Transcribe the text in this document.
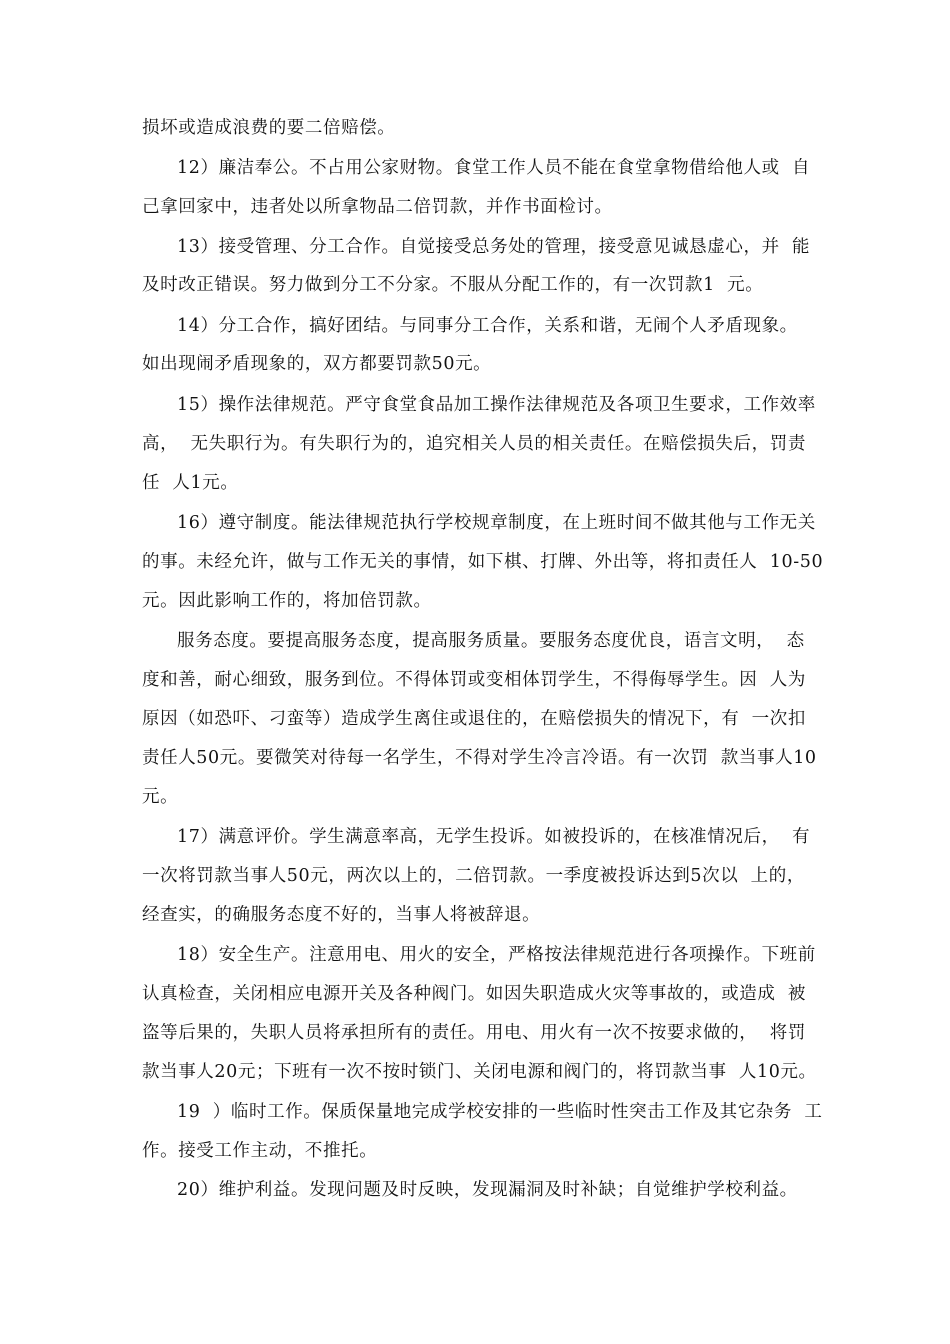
损坏或造成浪费的要二倍赔偿。
12）廉洁奉公。不占用公家财物。食堂工作人员不能在食堂拿物借给他人或  自
己拿回家中，违者处以所拿物品二倍罚款，并作书面检讨。
13）接受管理、分工合作。自觉接受总务处的管理，接受意见诚恳虚心，并  能
及时改正错误。努力做到分工不分家。不服从分配工作的，有一次罚款1  元。
14）分工合作，搞好团结。与同事分工合作，关系和谐，无闹个人矛盾现象。
如出现闹矛盾现象的，双方都要罚款50元。
15）操作法律规范。严守食堂食品加工操作法律规范及各项卫生要求，工作效率
高，  无失职行为。有失职行为的，追究相关人员的相关责任。在赔偿损失后，罚责
任  人1元。
16）遵守制度。能法律规范执行学校规章制度，在上班时间不做其他与工作无关
的事。未经允许，做与工作无关的事情，如下棋、打牌、外出等，将扣责任人  10-50
元。因此影响工作的，将加倍罚款。
服务态度。要提高服务态度，提高服务质量。要服务态度优良，语言文明，  态
度和善，耐心细致，服务到位。不得体罚或变相体罚学生，不得侮辱学生。因  人为
原因（如恐吓、刁蛮等）造成学生离住或退住的，在赔偿损失的情况下，有  一次扣
责任人50元。要微笑对待每一名学生，不得对学生冷言冷语。有一次罚  款当事人10
元。
17）满意评价。学生满意率高，无学生投诉。如被投诉的，在核准情况后，  有
一次将罚款当事人50元，两次以上的，二倍罚款。一季度被投诉达到5次以  上的，
经查实，的确服务态度不好的，当事人将被辞退。
18）安全生产。注意用电、用火的安全，严格按法律规范进行各项操作。下班前
认真检查，关闭相应电源开关及各种阀门。如因失职造成火灾等事故的，或造成  被
盗等后果的，失职人员将承担所有的责任。用电、用火有一次不按要求做的，  将罚
款当事人20元；下班有一次不按时锁门、关闭电源和阀门的，将罚款当事  人10元。
19  ）临时工作。保质保量地完成学校安排的一些临时性突击工作及其它杂务  工
作。接受工作主动，不推托。
20）维护利益。发现问题及时反映，发现漏洞及时补缺；自觉维护学校利益。
